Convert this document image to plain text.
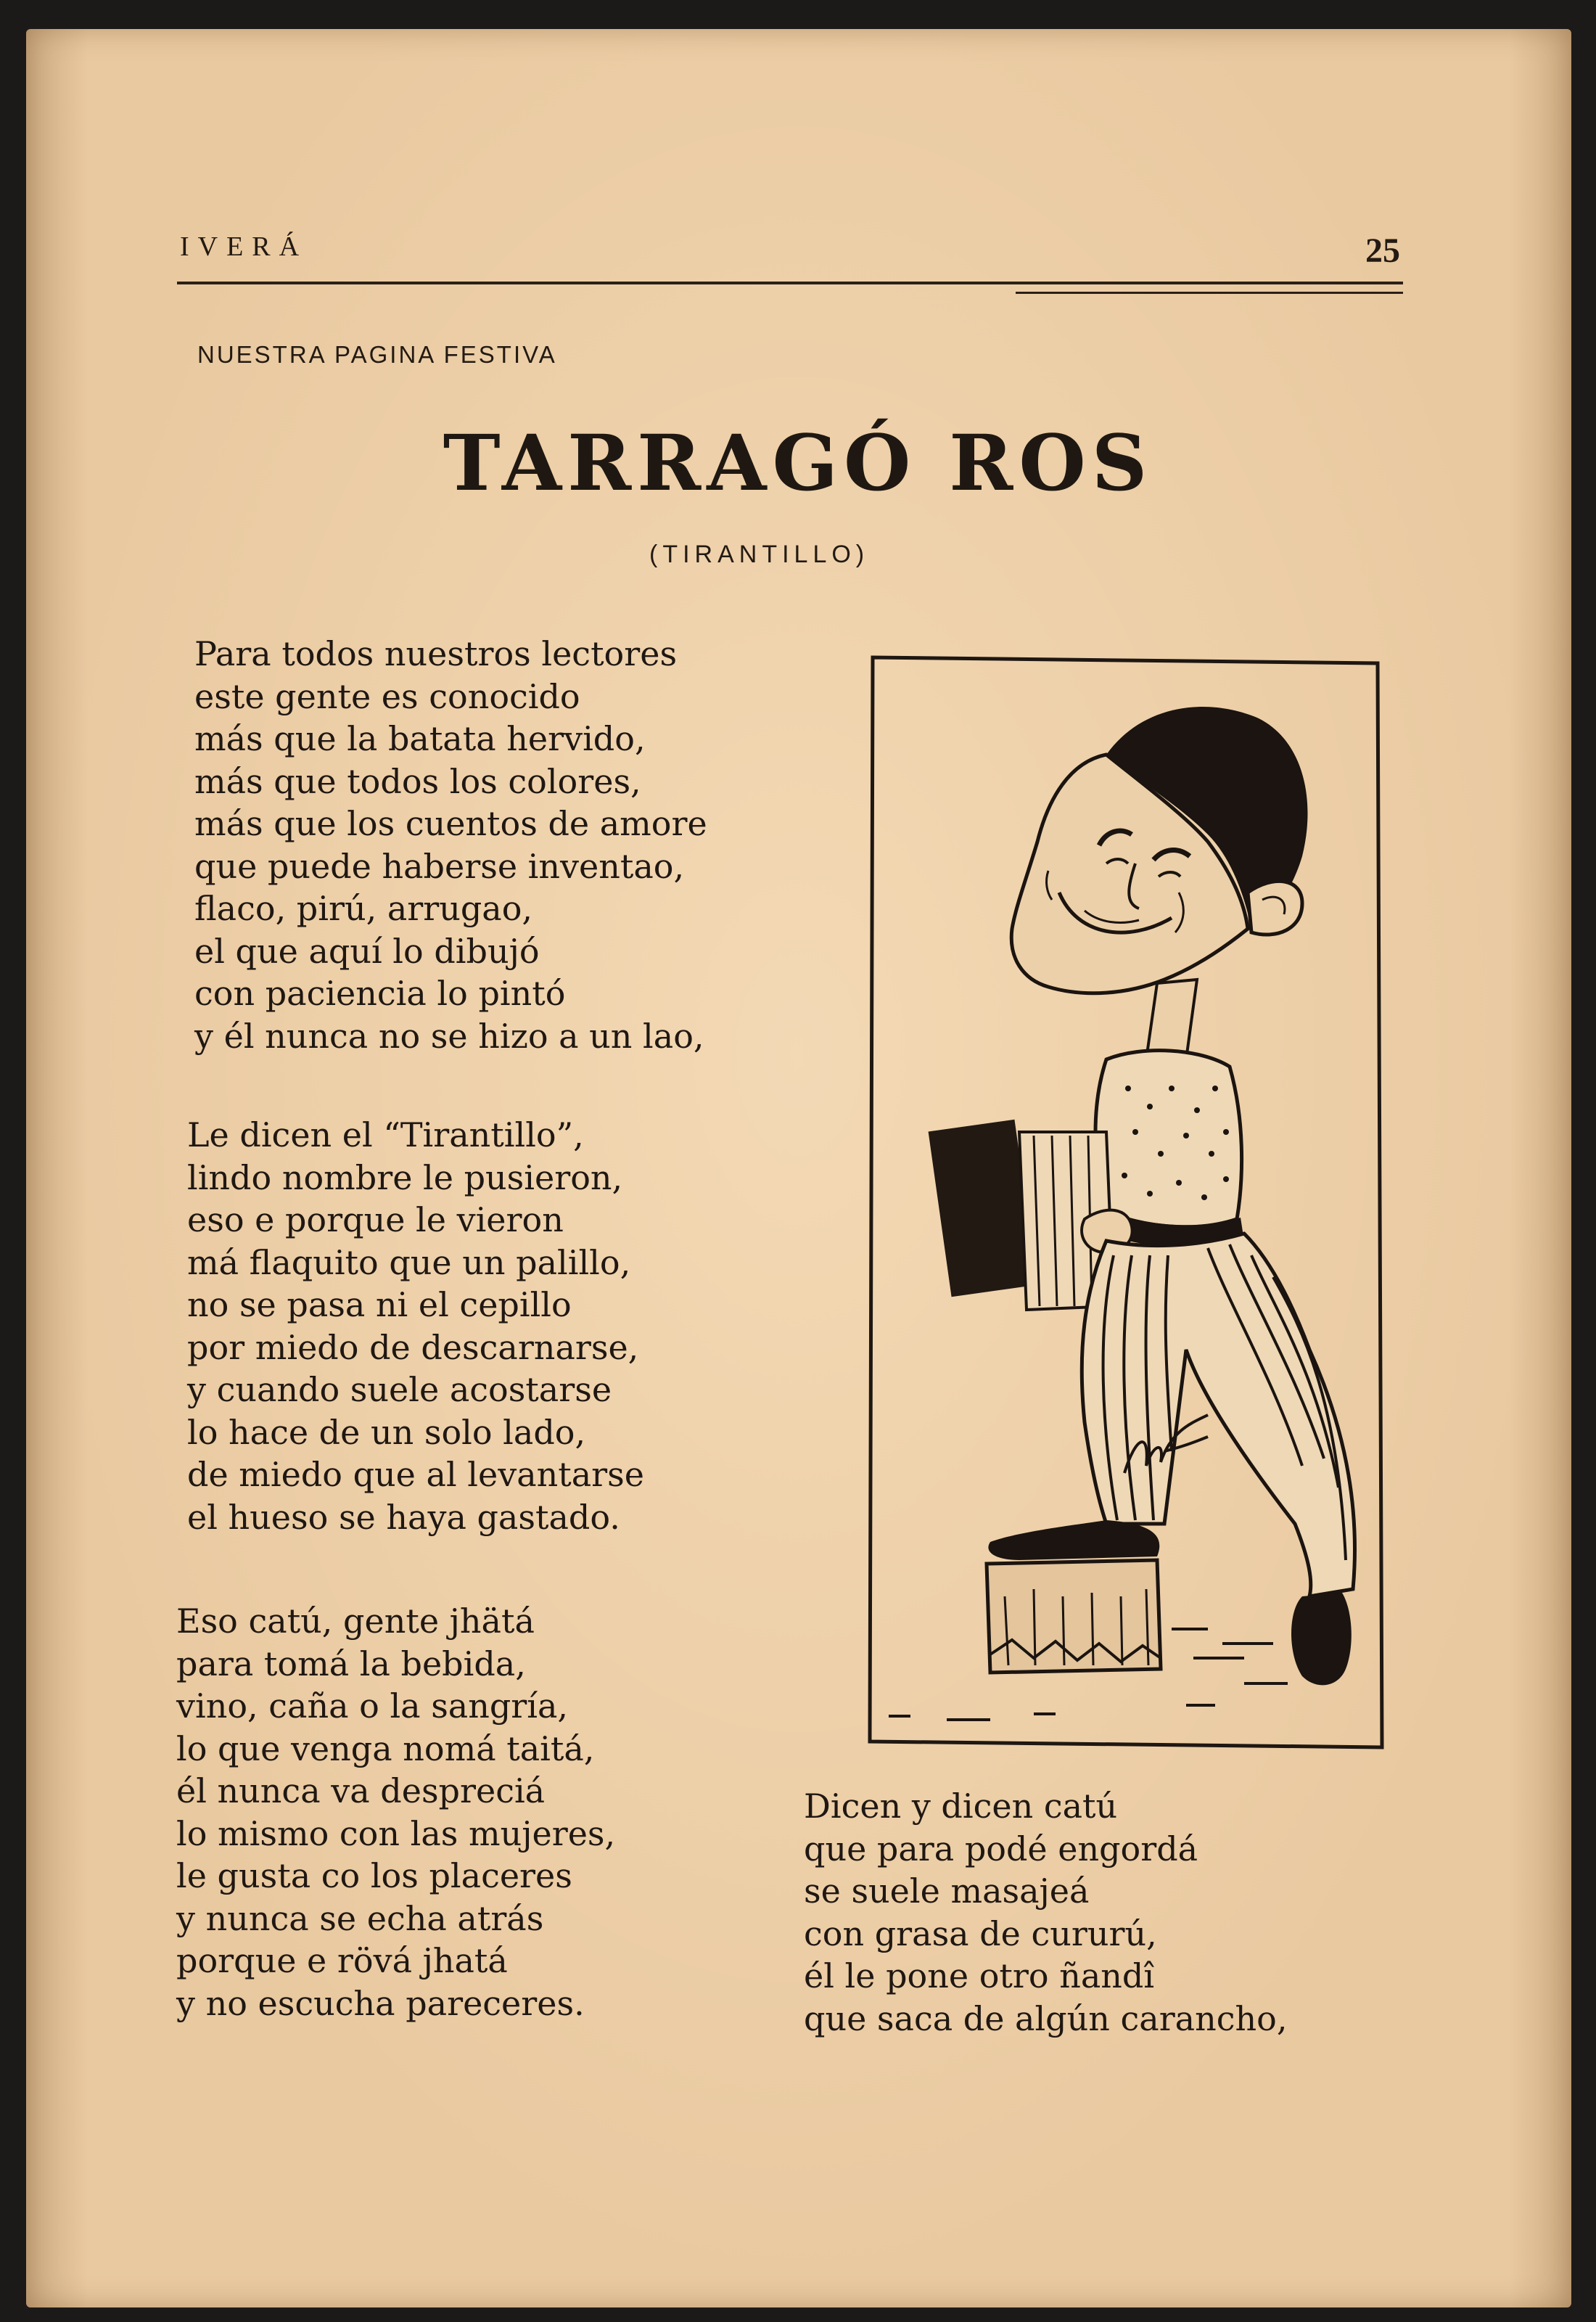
IVERÁ	25
NUESTRA PAGINA FESTIVA
TARRAGÓ ROS
(TIRANTILLO)
Para todos nuestros lectores
este gente es conocido
más que la batata hervido,
más que todos los colores,
más que los cuentos de amore
que puede haberse inventao,
flaco, pirú, arrugao,
el que aquí lo dibujó
con paciencia lo pintó
y él nunca no se hizo a un lao,
Le dicen el “Tirantillo”,
lindo nombre le pusieron,
eso e porque le vieron
má flaquito que un palillo,
no se pasa ni el cepillo
por miedo de descarnarse,
y cuando suele acostarse
lo hace de un solo lado,
de miedo que al levantarse
el hueso se haya gastado.
Eso catú, gente jhätá
para tomá la bebida,
vino, caña o la sangría,
lo que venga nomá taitá,
él nunca va despreciá
lo mismo con las mujeres,
le gusta co los placeres
y nunca se echa atrás
porque e rövá jhatá
y no escucha pareceres.
Dicen y dicen catú
que para podé engordá
se suele masajeá
con grasa de cururú,
él le pone otro ñandî
que saca de algún carancho,
